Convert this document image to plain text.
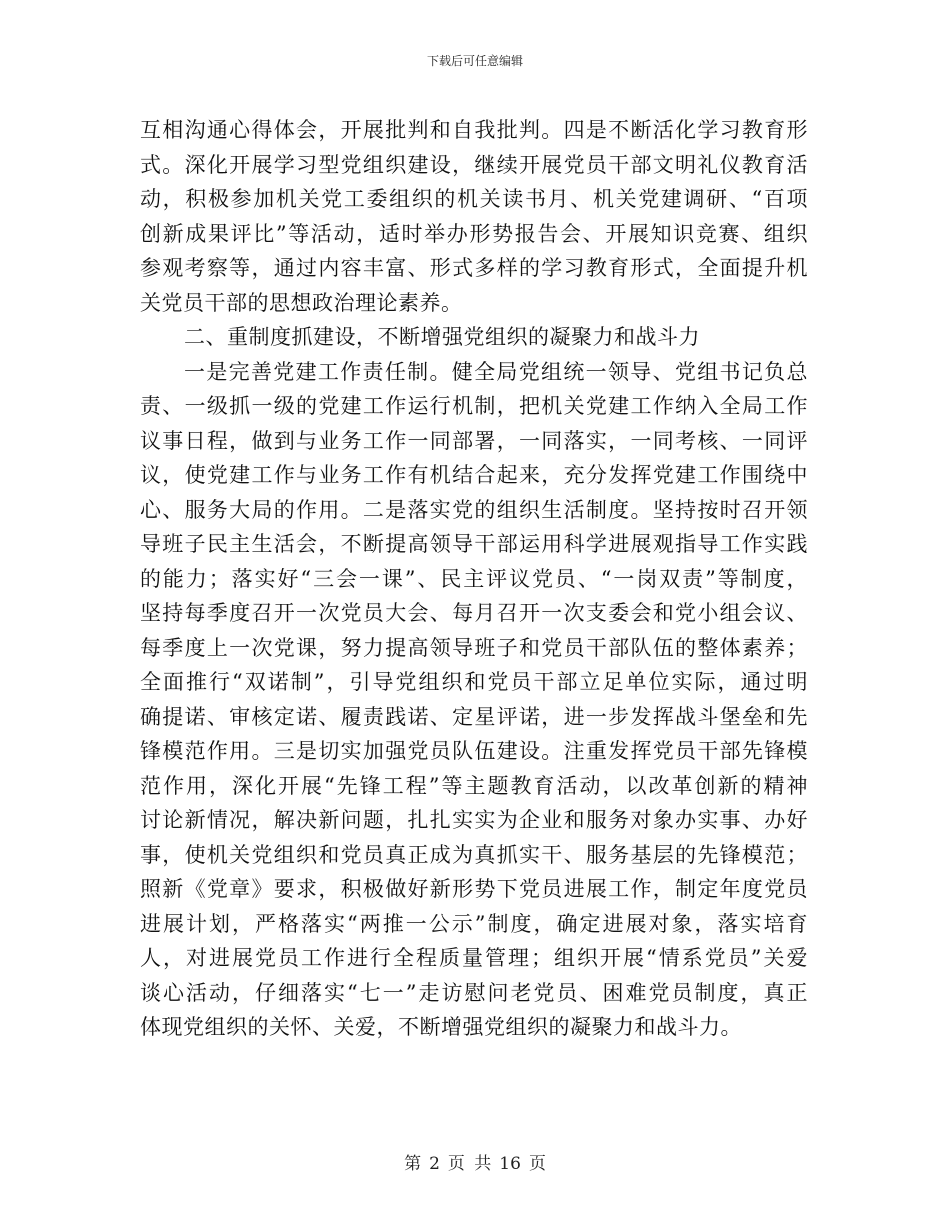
下载后可任意编辑
互相沟通心得体会，开展批判和自我批判。四是不断活化学习教育形
式。深化开展学习型党组织建设，继续开展党员干部文明礼仪教育活
动，积极参加机关党工委组织的机关读书月、机关党建调研、“百项
创新成果评比”等活动，适时举办形势报告会、开展知识竞赛、组织
参观考察等，通过内容丰富、形式多样的学习教育形式，全面提升机
关党员干部的思想政治理论素养。
二、重制度抓建设，不断增强党组织的凝聚力和战斗力
一是完善党建工作责任制。健全局党组统一领导、党组书记负总
责、一级抓一级的党建工作运行机制，把机关党建工作纳入全局工作
议事日程，做到与业务工作一同部署，一同落实，一同考核、一同评
议，使党建工作与业务工作有机结合起来，充分发挥党建工作围绕中
心、服务大局的作用。二是落实党的组织生活制度。坚持按时召开领
导班子民主生活会，不断提高领导干部运用科学进展观指导工作实践
的能力；落实好“三会一课”、民主评议党员、“一岗双责”等制度，
坚持每季度召开一次党员大会、每月召开一次支委会和党小组会议、
每季度上一次党课，努力提高领导班子和党员干部队伍的整体素养；
全面推行“双诺制”，引导党组织和党员干部立足单位实际，通过明
确提诺、审核定诺、履责践诺、定星评诺，进一步发挥战斗堡垒和先
锋模范作用。三是切实加强党员队伍建设。注重发挥党员干部先锋模
范作用，深化开展“先锋工程”等主题教育活动，以改革创新的精神
讨论新情况，解决新问题，扎扎实实为企业和服务对象办实事、办好
事，使机关党组织和党员真正成为真抓实干、服务基层的先锋模范；
照新《党章》要求，积极做好新形势下党员进展工作，制定年度党员
进展计划，严格落实“两推一公示”制度，确定进展对象，落实培育
人，对进展党员工作进行全程质量管理；组织开展“情系党员”关爱
谈心活动，仔细落实“七一”走访慰问老党员、困难党员制度，真正
体现党组织的关怀、关爱，不断增强党组织的凝聚力和战斗力。
第 2 页 共 16 页
